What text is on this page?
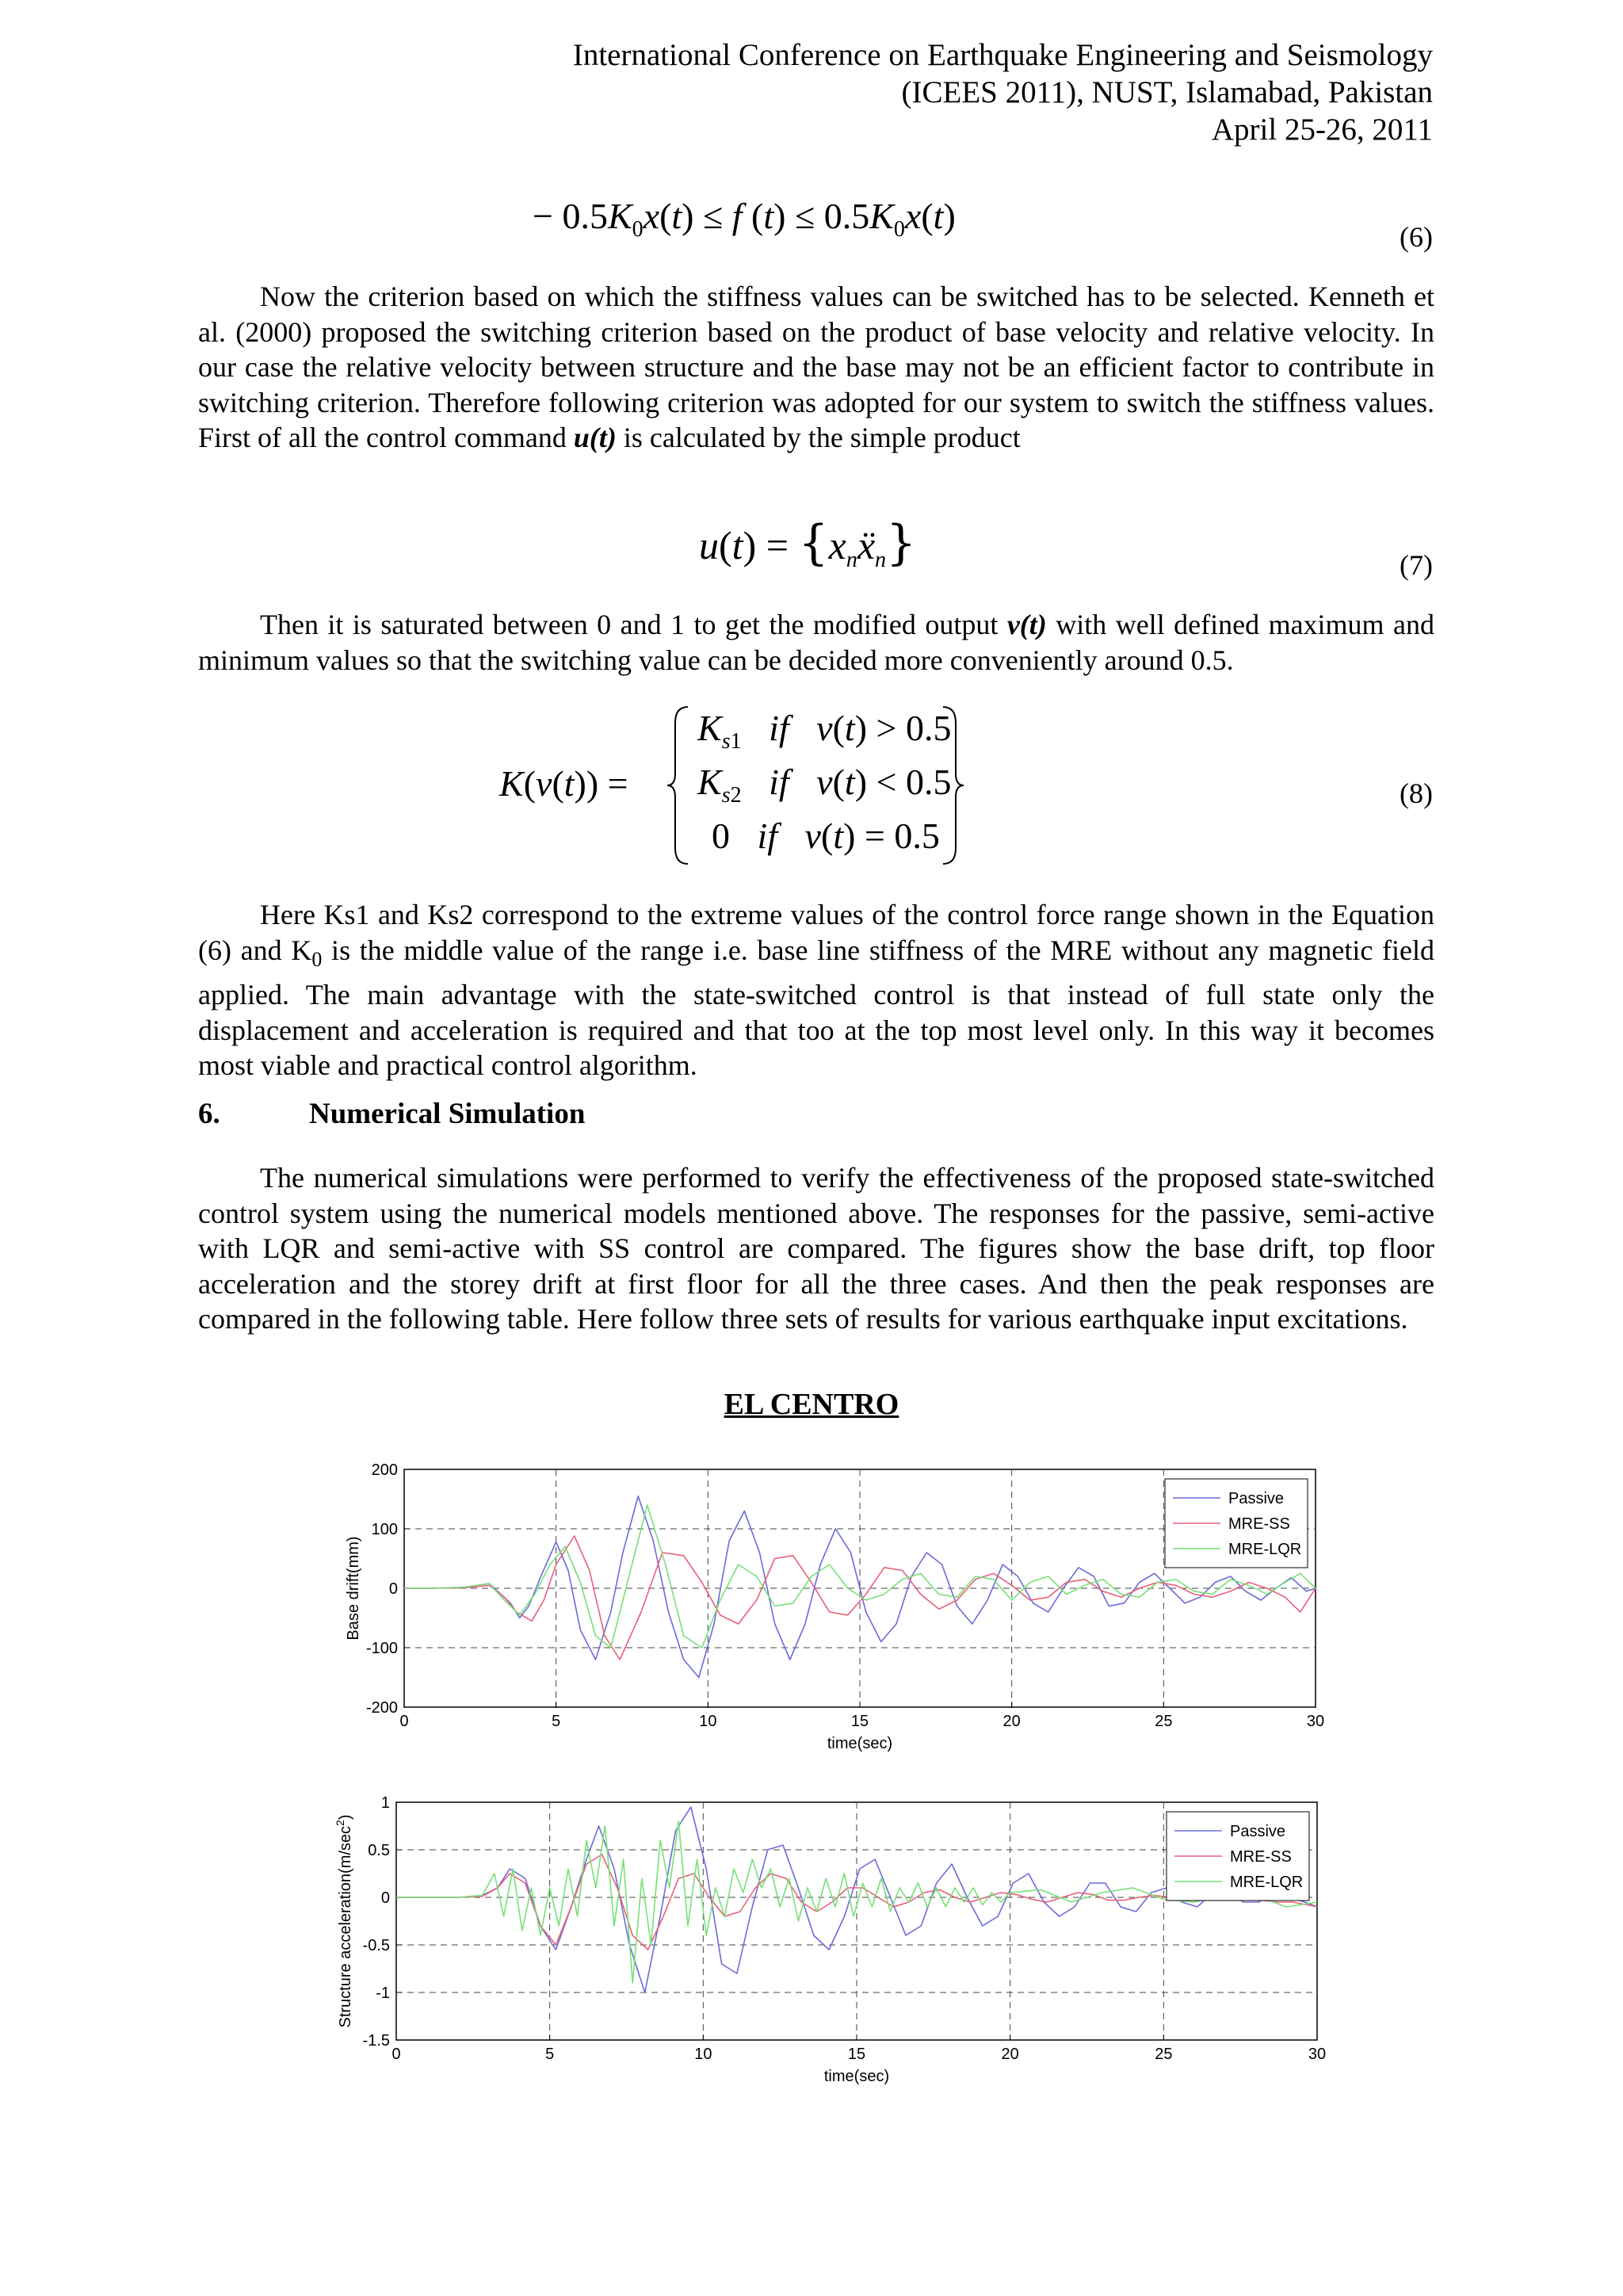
International Conference on Earthquake Engineering and Seismology
(ICEES 2011), NUST, Islamabad, Pakistan
April 25-26, 2011
− $0.5K_0x(t) \le f$ $(t) \le 0.5K_0x(t)$
(6)
Now the criterion based on which the stiffness values can be switched has to be selected. Kenneth et al. (2000) proposed the switching criterion based on the product of base velocity and relative velocity. In our case the relative velocity between structure and the base may not be an efficient factor to contribute in switching criterion. Therefore following criterion was adopted for our system to switch the stiffness values. First of all the control command u(t) is calculated by the simple product
$u(t) = \{x_nẍ_n\}$	(7)
Then it is saturated between 0 and 1 to get the modified output v(t) with well defined maximum and minimum values so that the switching value can be decided more conveniently around 0.5.
K(v(t)) =
$K_{s1}$   if   v(t) > 0.5
$K_{s2}$   if   v(t) < 0.5
0   if   v(t) = 0.5
(8)
Here Ks1 and Ks2 correspond to the extreme values of the control force range shown in the Equation (6) and $K_0$ is the middle value of the range i.e. base line stiffness of the MRE without any magnetic field applied. The main advantage with the state-switched control is that instead of full state only the displacement and acceleration is required and that too at the top most level only. In this way it becomes most viable and practical control algorithm.
6.	Numerical Simulation
The numerical simulations were performed to verify the effectiveness of the proposed state-switched control system using the numerical models mentioned above. The responses for the passive, semi-active with LQR and semi-active with SS control are compared. The figures show the base drift, top floor acceleration and the storey drift at first floor for all the three cases. And then the peak responses are compared in the following table. Here follow three sets of results for various earthquake input excitations.
EL CENTRO
0	5	10	15	20	25	30
200
100
0
-100
-200
Passive
MRE-SS
MRE-LQR
time(sec)
Base drift(mm)
0	5	10	15	20	25	30
1
0.5
0
-0.5
-1
-1.5
Passive
MRE-SS
MRE-LQR
time(sec)
Structure $acceleration(m/\sec^2)$
